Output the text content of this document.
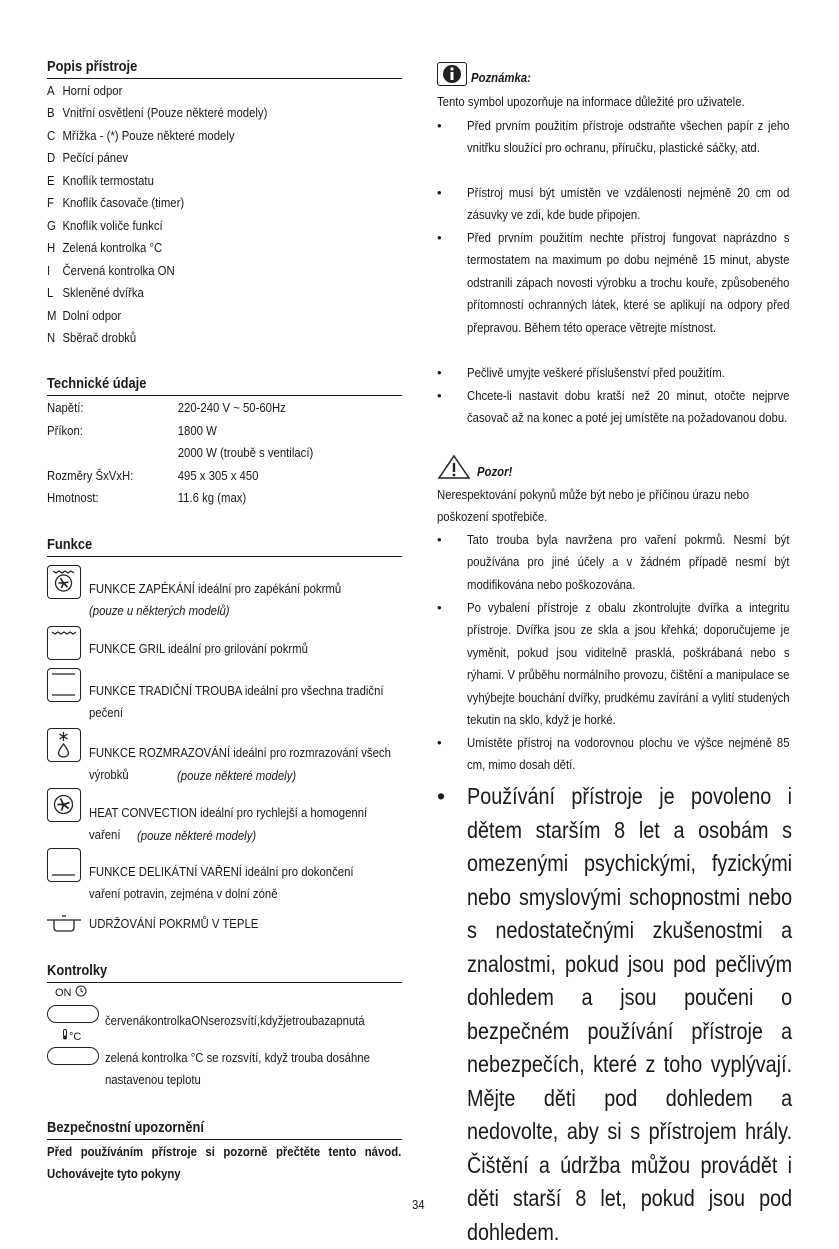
Popis přístroje
A Horní odpor
B Vnitřní osvětlení (Pouze některé modely)
C Mřížka - (*) Pouze některé modely
D Pečící pánev
E Knoflík termostatu
F Knoflík časovače (timer)
G Knoflík voliče funkcí
H Zelená kontrolka °C
I Červená kontrolka ON
L Skleněné dvířka
M Dolní odpor
N Sběrač drobků
Technické údaje
Napětí:	220-240 V ~ 50-60Hz
Příkon:	1800 W
2000 W (troubě s ventilací)
Rozměry ŠxVxH:	495 x 305 x 450
Hmotnost:	11.6 kg (max)
Funkce
FUNKCE ZAPÉKÁNÍ ideální pro zapékání pokrmů
(pouze u některých modelů)
FUNKCE GRIL ideální pro grilování pokrmů
FUNKCE TRADIČNÍ TROUBA ideální pro všechna tradiční pečení
FUNKCE ROZMRAZOVÁNÍ ideální pro rozmrazování všech výrobků	(pouze některé modely)
HEAT CONVECTION ideální pro rychlejší a homogenní vaření	(pouze některé modely)
FUNKCE DELIKÁTNÍ VAŘENÍ ideální pro dokončení vaření potravin, zejména v dolní zóně
UDRŽOVÁNÍ POKRMŮ V TEPLE
Kontrolky
ON
červenákontrolkaONserozsvítí,kdyžjetroubazapnutá
°C
zelená kontrolka °C se rozsvítí, když trouba dosáhne nastavenou teplotu
Bezpečnostní upozornění
Před používáním přístroje si pozorně přečtěte tento návod. Uchovávejte tyto pokyny
Poznámka:
Tento symbol upozorňuje na informace důležité pro uživatele.
• Před prvním použitím přístroje odstraňte všechen papír z jeho vnitřku sloužící pro ochranu, příručku, plastické sáčky, atd.
• Přístroj musí být umístěn ve vzdálenosti nejméně 20 cm od zásuvky ve zdi, kde bude připojen.
• Před prvním použitím nechte přístroj fungovat naprázdno s termostatem na maximum po dobu nejméně 15 minut, abyste odstranili zápach novosti výrobku a trochu kouře, způsobeného přítomností ochranných látek, které se aplikují na odpory před přepravou. Během této operace větrejte místnost.
• Pečlivě umyjte veškeré příslušenství před použitím.
• Chcete-li nastavit dobu kratší než 20 minut, otočte nejprve časovač až na konec a poté jej umístěte na požadovanou dobu.
Pozor!
Nerespektování pokynů může být nebo je příčinou úrazu nebo poškození spotřebiče.
• Tato trouba byla navržena pro vaření pokrmů. Nesmí být používána pro jiné účely a v žádném případě nesmí být modifikována nebo poškozována.
• Po vybalení přístroje z obalu zkontrolujte dvířka a integritu přístroje. Dvířka jsou ze skla a jsou křehká; doporučujeme je vyměnit, pokud jsou viditelně prasklá, poškrábaná nebo s rýhami. V průběhu normálního provozu, čištění a manipulace se vyhýbejte bouchání dvířky, prudkému zavírání a vylití studených tekutin na sklo, když je horké.
• Umístěte přístroj na vodorovnou plochu ve výšce nejméně 85 cm, mimo dosah dětí.
• Používání přístroje je povoleno i dětem starším 8 let a osobám s omezenými psychickými, fyzickými nebo smyslovými schopnostmi nebo s nedostatečnými zkušenostmi a znalostmi, pokud jsou pod pečlivým dohledem a jsou poučeni o bezpečném používání přístroje a nebezpečích, které z toho vyplývají. Mějte děti pod dohledem a nedovolte, aby si s přístrojem hrály. Čištění a údržba můžou provádět i děti starší 8 let, pokud jsou pod dohledem.
34
